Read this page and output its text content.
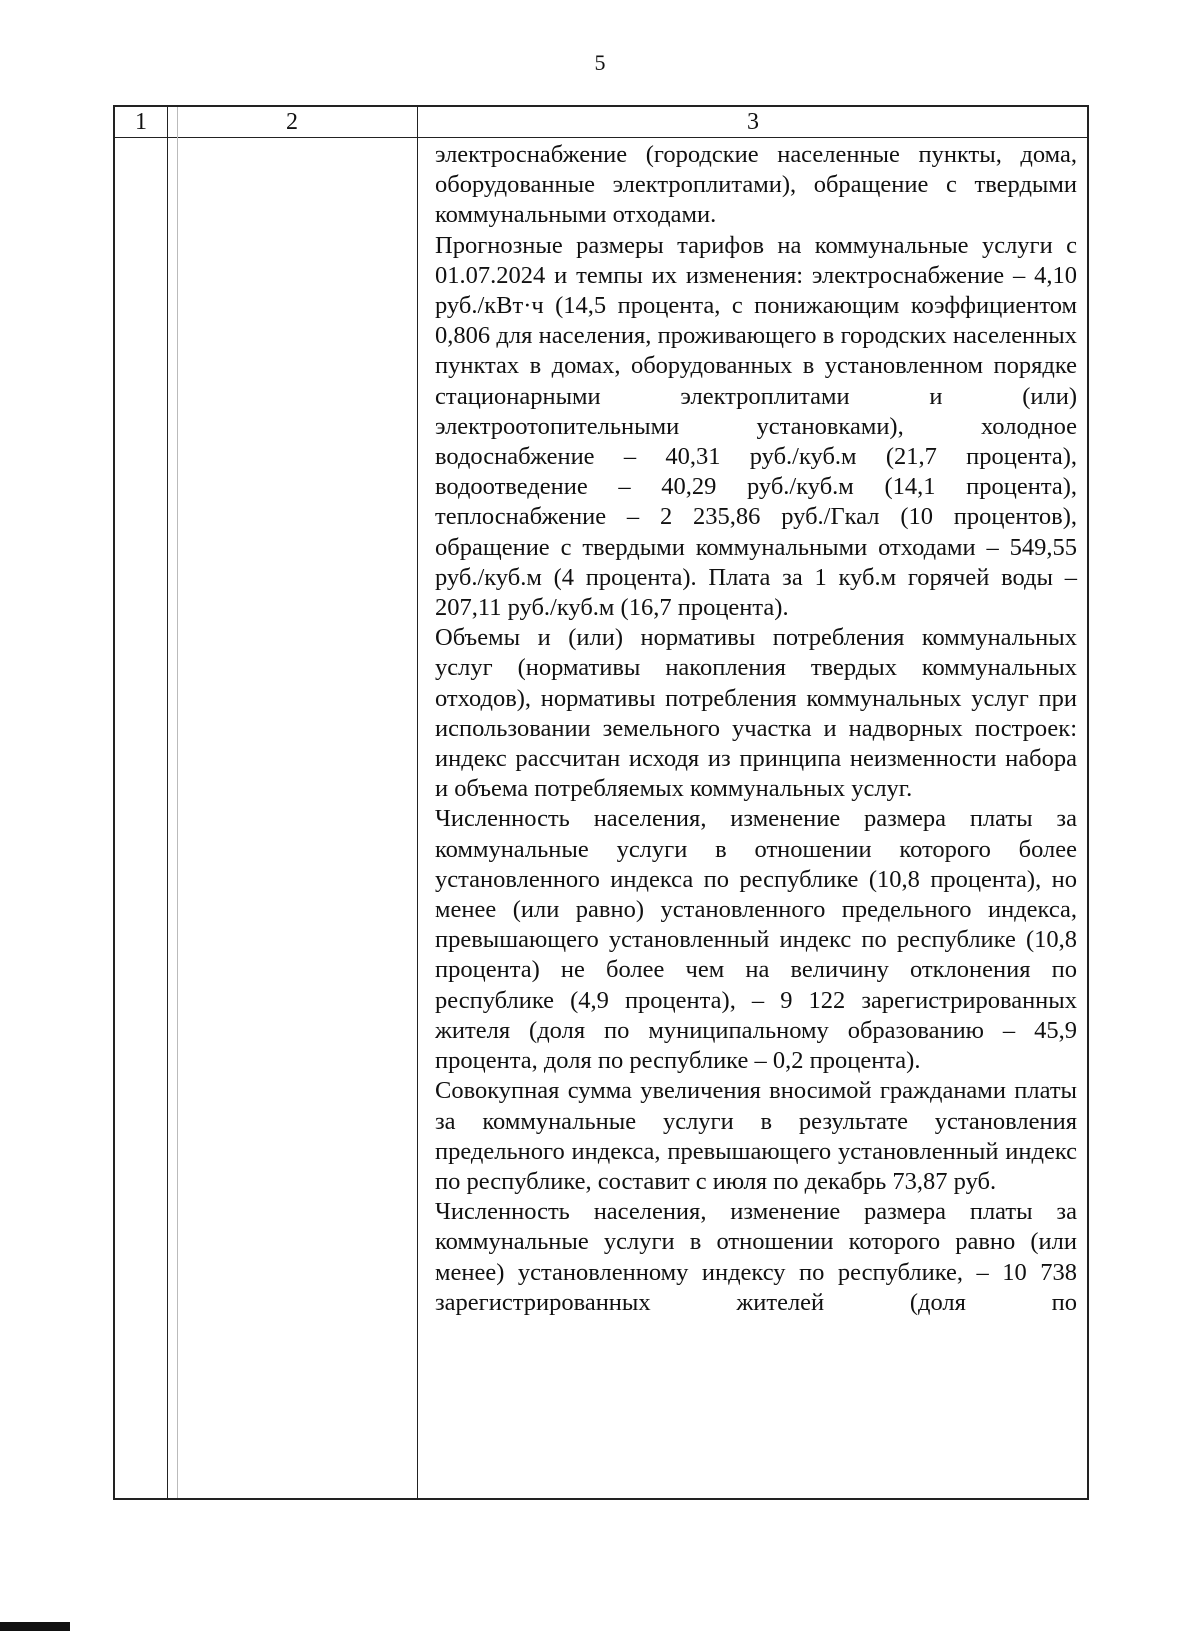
5
1	2	3

электроснабжение (городские населенные пункты, дома, оборудованные электроплитами), обращение с твердыми коммунальными отходами.

Прогнозные размеры тарифов на коммунальные услуги с 01.07.2024 и темпы их изменения: электроснабжение – 4,10 руб./кВт·ч (14,5 процента, с понижающим коэффициентом 0,806 для населения, проживающего в городских населенных пунктах в домах, оборудованных в установленном порядке стационарными электроплитами и (или) электроотопительными установками), холодное водоснабжение – 40,31 руб./куб.м (21,7 процента), водоотведение – 40,29 руб./куб.м (14,1 процента), теплоснабжение – 2 235,86 руб./Гкал (10 процентов), обращение с твердыми коммунальными отходами – 549,55 руб./куб.м (4 процента). Плата за 1 куб.м горячей воды – 207,11 руб./куб.м (16,7 процента).

Объемы и (или) нормативы потребления коммунальных услуг (нормативы накопления твердых коммунальных отходов), нормативы потребления коммунальных услуг при использовании земельного участка и надворных построек: индекс рассчитан исходя из принципа неизменности набора и объема потребляемых коммунальных услуг.

Численность населения, изменение размера платы за коммунальные услуги в отношении которого более установленного индекса по республике (10,8 процента), но менее (или равно) установленного предельного индекса, превышающего установленный индекс по республике (10,8 процента) не более чем на величину отклонения по республике (4,9 процента), – 9 122 зарегистрированных жителя (доля по муниципальному образованию – 45,9 процента, доля по республике – 0,2 процента).

Совокупная сумма увеличения вносимой гражданами платы за коммунальные услуги в результате установления предельного индекса, превышающего установленный индекс по республике, составит с июля по декабрь 73,87 руб.

Численность населения, изменение размера платы за коммунальные услуги в отношении которого равно (или менее) установленному индексу по республике, – 10 738 зарегистрированных жителей (доля по
